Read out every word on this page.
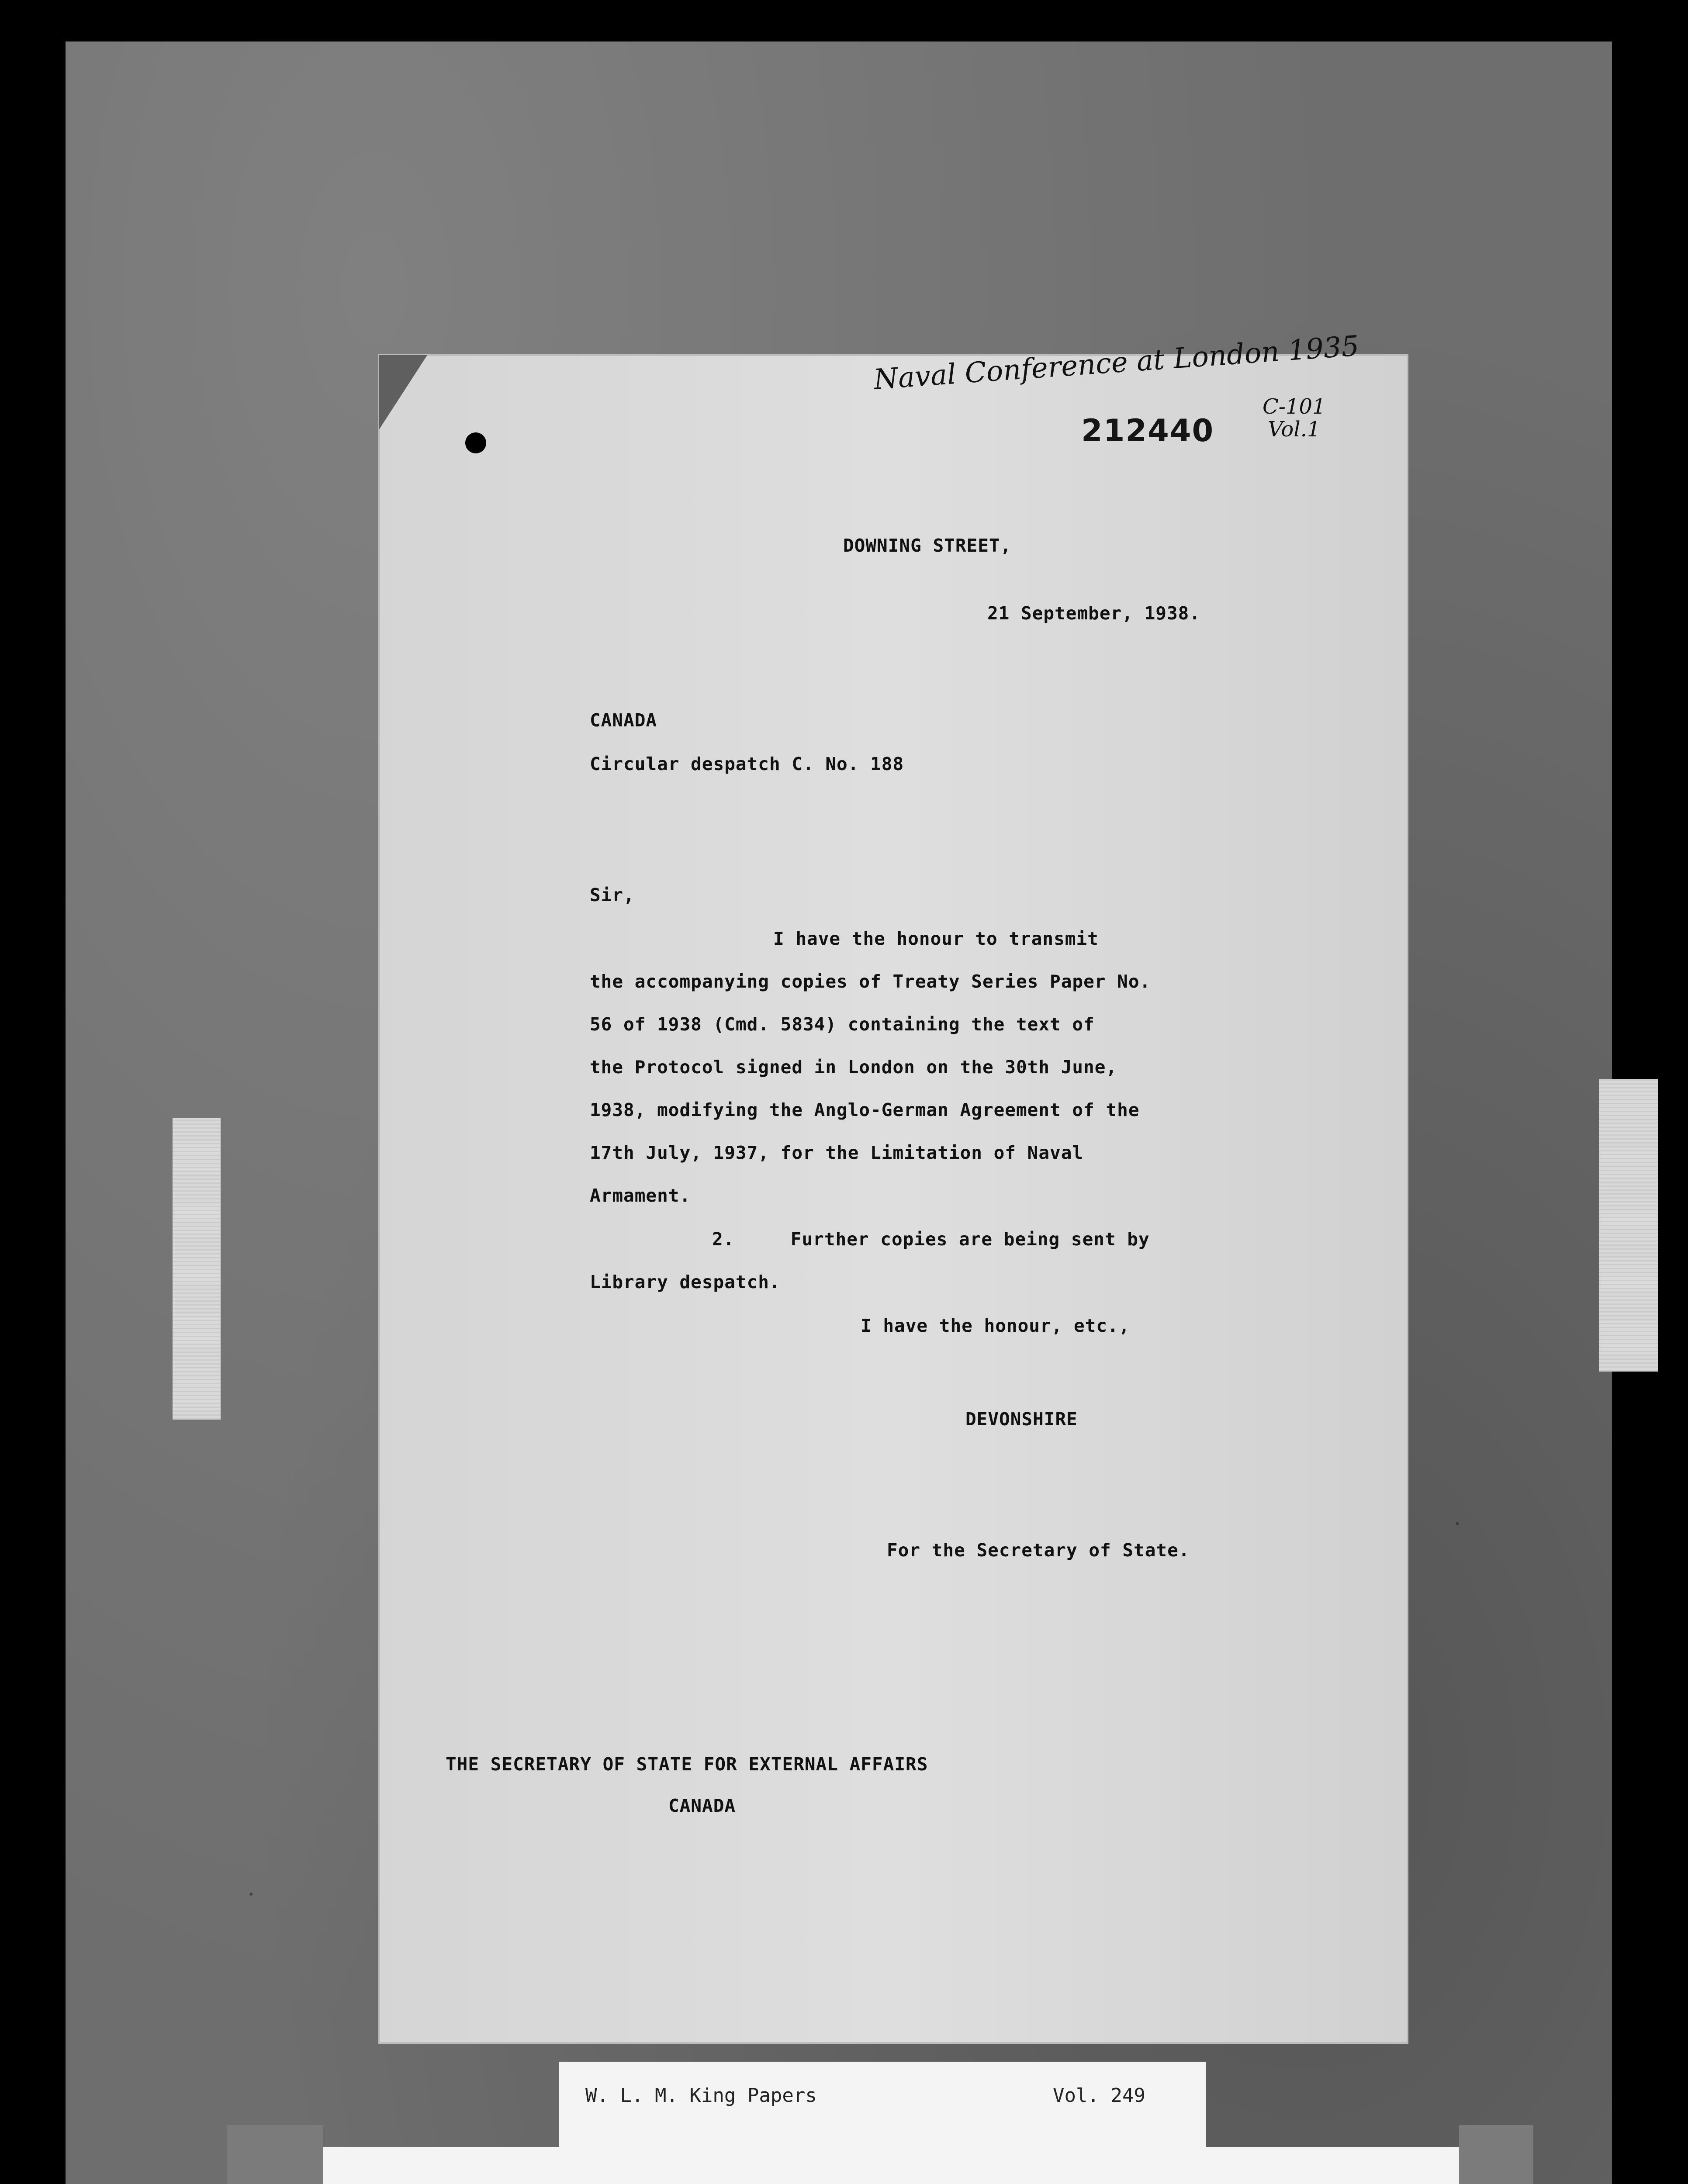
Naval Conference at London 1935
C-101
Vol.1
212440

DOWNING STREET,

21 September, 1938.

CANADA

Circular despatch C. No. 188

Sir,

I have the honour to transmit

the accompanying copies of Treaty Series Paper No.

56 of 1938 (Cmd. 5834) containing the text of

the Protocol signed in London on the 30th June,

1938, modifying the Anglo-German Agreement of the

17th July, 1937, for the Limitation of Naval

Armament.

2.     Further copies are being sent by

Library despatch.

I have the honour, etc.,

DEVONSHIRE

For the Secretary of State.

THE SECRETARY OF STATE FOR EXTERNAL AFFAIRS

CANADA

W. L. M. King Papers	Vol. 249
